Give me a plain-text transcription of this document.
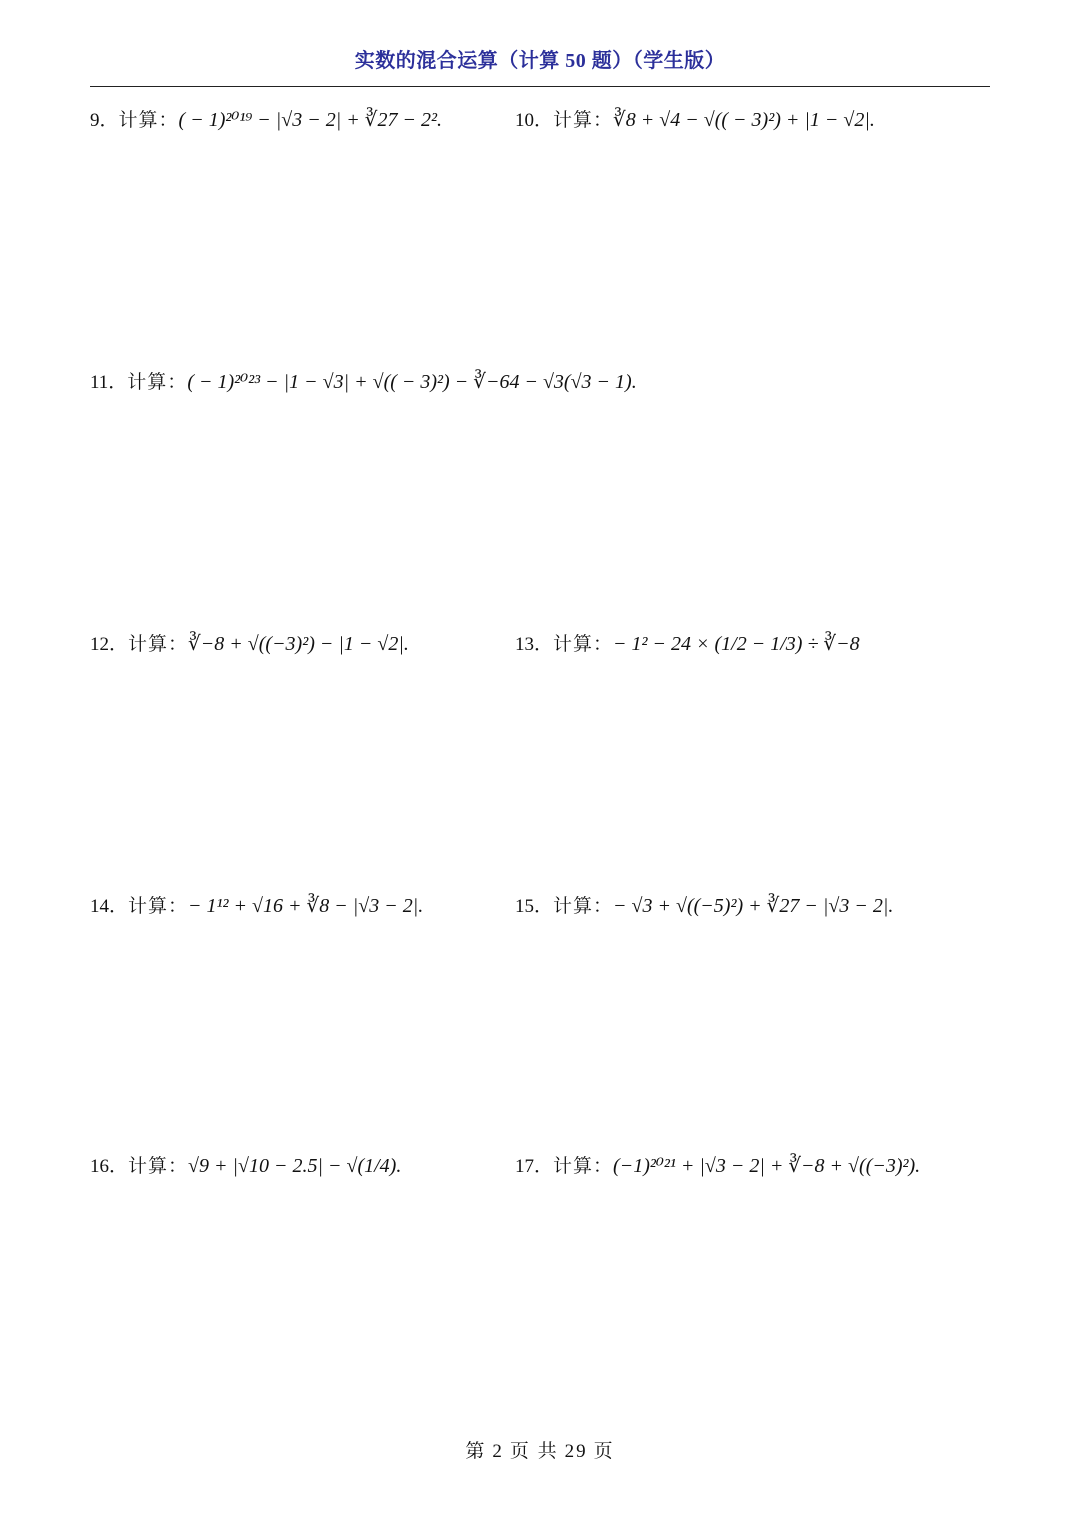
实数的混合运算（计算 50 题）（学生版）
9．计算：( − 1)²⁰¹⁹ − |√3 − 2| + ∛27 − 2².	10．计算：∛8 + √4 − √(( − 3)²) + |1 − √2|.
11．计算：( − 1)²⁰²³ − |1 − √3| + √(( − 3)²) − ∛−64 − √3(√3 − 1).
12．计算：∛−8 + √((−3)²) − |1 − √2|.	13．计算：− 1² − 24 × (1/2 − 1/3) ÷ ∛−8
14．计算：− 1¹² + √16 + ∛8 − |√3 − 2|.	15．计算：− √3 + √((−5)²) + ∛27 − |√3 − 2|.
16．计算：√9 + |√10 − 2.5| − √(1/4).	17．计算：(−1)²⁰²¹ + |√3 − 2| + ∛−8 + √((−3)²).
第 2 页 共 29 页
